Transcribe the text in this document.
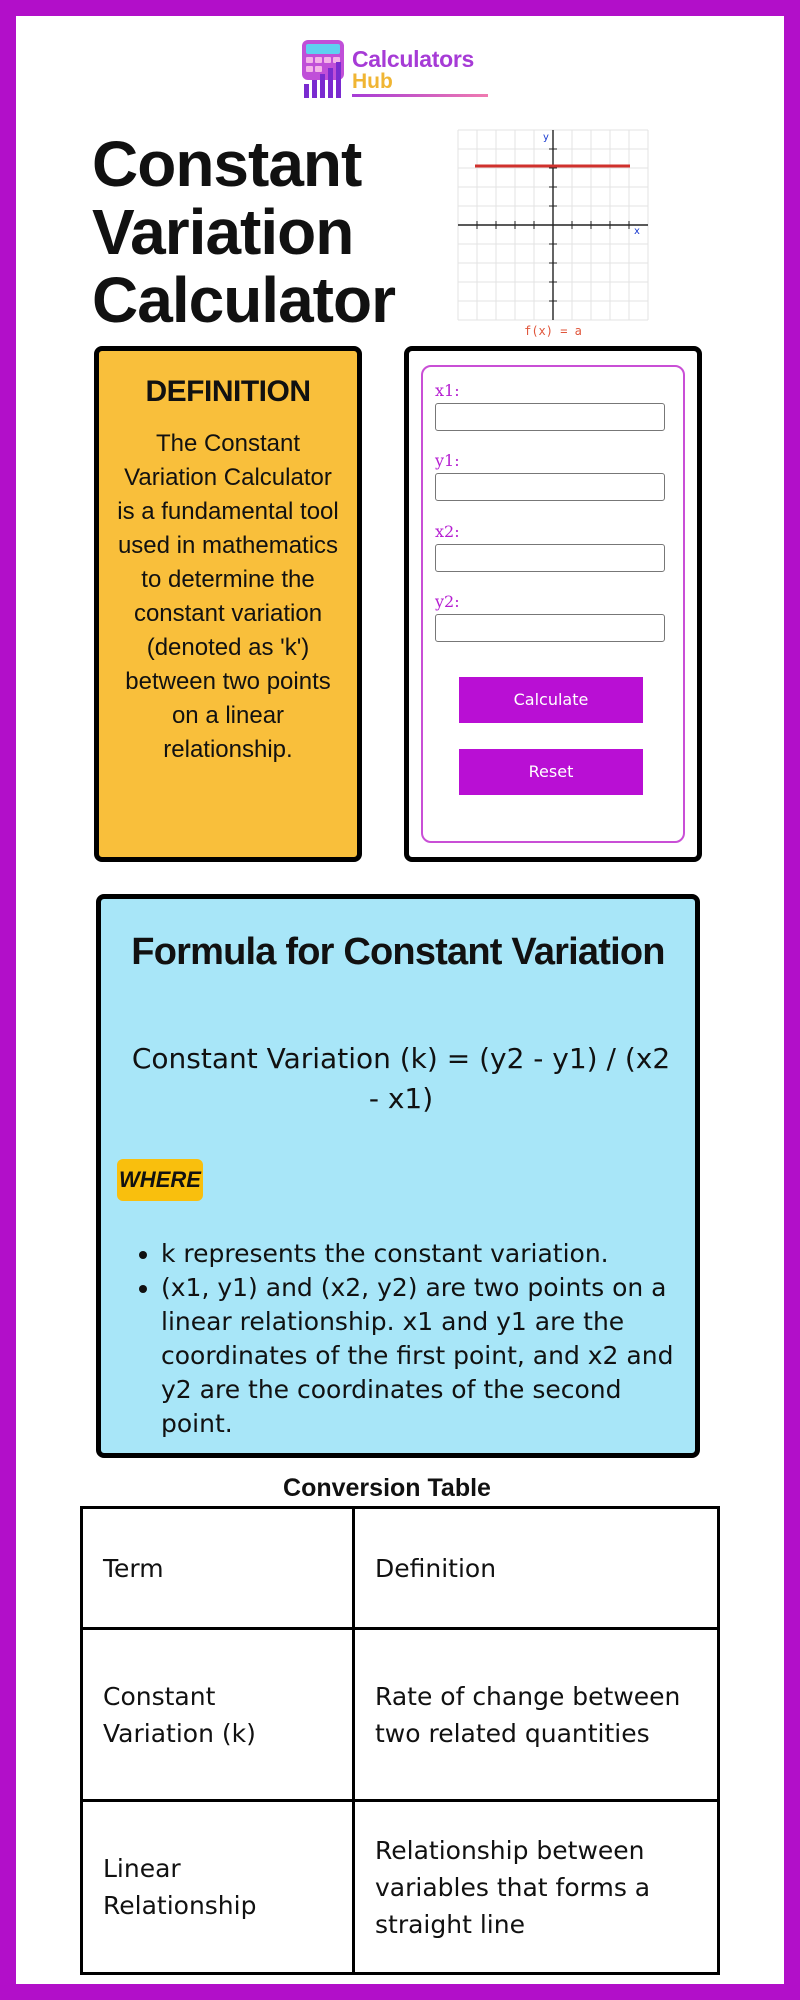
Calculators
Hub
Constant
Variation
Calculator
y
x
f(x) = a
DEFINITION
The Constant Variation Calculator is a fundamental tool used in mathematics to determine the constant variation (denoted as 'k') between two points on a linear relationship.
x1:
y1:
x2:
y2:
Calculate
Reset
Formula for Constant Variation
Constant Variation (k) = (y2 - y1) / (x2 - x1)
WHERE
• k represents the constant variation.
• (x1, y1) and (x2, y2) are two points on a linear relationship. x1 and y1 are the coordinates of the first point, and x2 and y2 are the coordinates of the second point.
Conversion Table
Term	Definition
Constant Variation (k)	Rate of change between two related quantities
Linear Relationship	Relationship between variables that forms a straight line
